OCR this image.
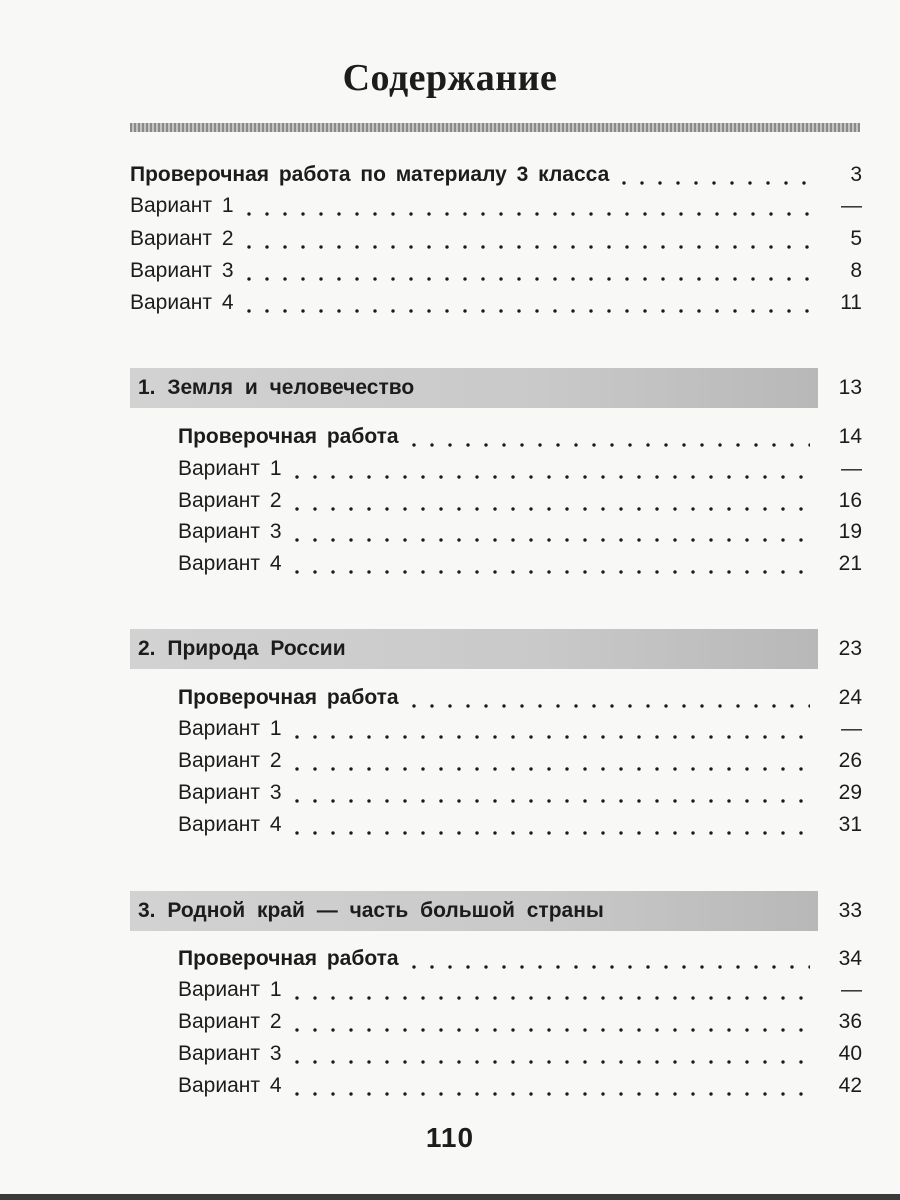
Содержание
Проверочная работа по материалу 3 класса	3
Вариант 1	—
Вариант 2	5
Вариант 3	8
Вариант 4	11
1. Земля и человечество	13
Проверочная работа	14
Вариант 1	—
Вариант 2	16
Вариант 3	19
Вариант 4	21
2. Природа России	23
Проверочная работа	24
Вариант 1	—
Вариант 2	26
Вариант 3	29
Вариант 4	31
3. Родной край — часть большой страны	33
Проверочная работа	34
Вариант 1	—
Вариант 2	36
Вариант 3	40
Вариант 4	42
110
